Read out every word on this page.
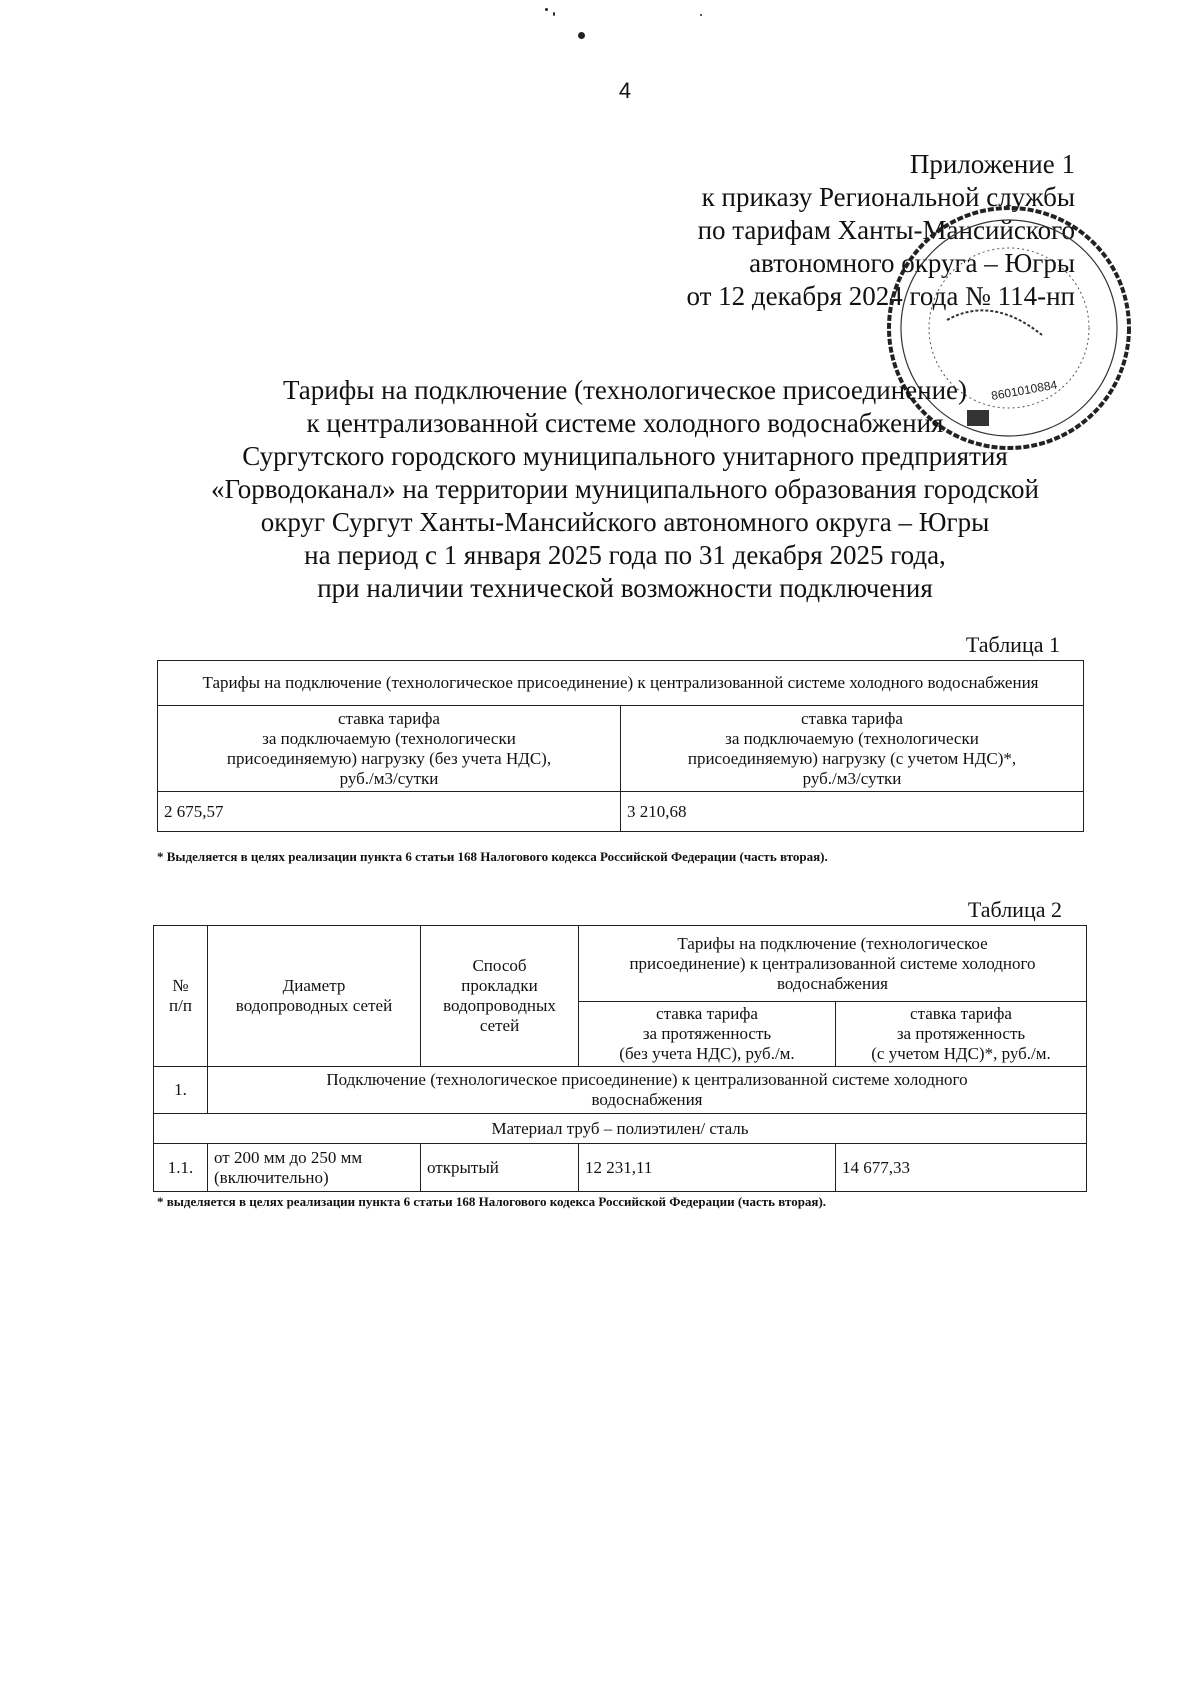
4
Приложение 1
к приказу Региональной службы
по тарифам Ханты-Мансийского
автономного округа – Югры
от 12 декабря 2024 года № 114-нп
8601010884
Тарифы на подключение (технологическое присоединение)
к централизованной системе холодного водоснабжения
Сургутского городского муниципального унитарного предприятия
«Горводоканал» на территории муниципального образования городской
округ Сургут Ханты-Мансийского автономного округа – Югры
на период с 1 января 2025 года по 31 декабря 2025 года,
при наличии технической возможности подключения
Таблица 1
Тарифы на подключение (технологическое присоединение) к централизованной системе холодного водоснабжения	

ставка тарифа
за подключаемую (технологически
присоединяемую) нагрузку (без учета НДС),
руб./м3/сутки

ставка тарифа
за подключаемую (технологически
присоединяемую) нагрузку (с учетом НДС)*,
руб./м3/сутки

2 675,57	3 210,68
* Выделяется в целях реализации пункта 6 статьи 168 Налогового кодекса Российской Федерации (часть вторая).
Таблица 2
№
п/п

Диаметр
водопроводных сетей

Способ
прокладки
водопроводных
сетей

Тарифы на подключение (технологическое
присоединение) к централизованной системе холодного
водоснабжения

ставка тарифа
за протяженность
(без учета НДС), руб./м.

ставка тарифа
за протяженность
(с учетом НДС)*, руб./м.

1.	Подключение (технологическое присоединение) к централизованной системе холодного
водоснабжения			

Материал труб – полиэтилен/ сталь				
1.1.	от 200 мм до 250 мм
(включительно)	открытый	12 231,11	14 677,33
* выделяется в целях реализации пункта 6 статьи 168 Налогового кодекса Российской Федерации (часть вторая).
